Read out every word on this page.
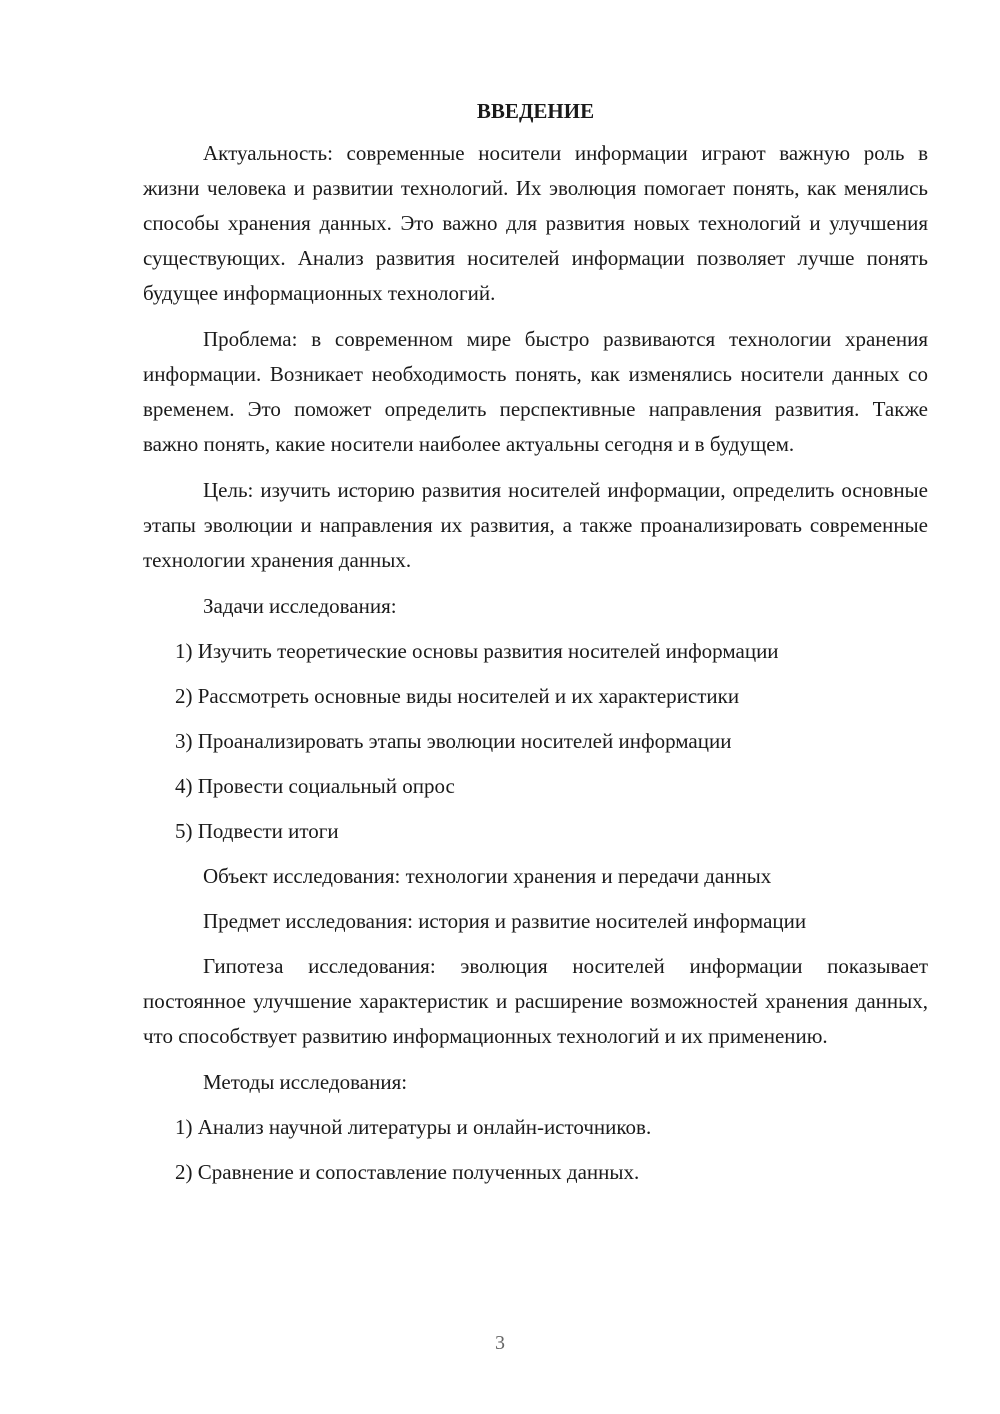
ВВЕДЕНИЕ

Актуальность: современные носители информации играют важную роль в жизни человека и развитии технологий. Их эволюция помогает понять, как менялись способы хранения данных. Это важно для развития новых технологий и улучшения существующих. Анализ развития носителей информации позволяет лучше понять будущее информационных технологий.

Проблема: в современном мире быстро развиваются технологии хранения информации. Возникает необходимость понять, как изменялись носители данных со временем. Это поможет определить перспективные направления развития. Также важно понять, какие носители наиболее актуальны сегодня и в будущем.

Цель: изучить историю развития носителей информации, определить основные этапы эволюции и направления их развития, а также проанализировать современные технологии хранения данных.

Задачи исследования:

1) Изучить теоретические основы развития носителей информации

2) Рассмотреть основные виды носителей и их характеристики

3) Проанализировать этапы эволюции носителей информации

4) Провести социальный опрос

5) Подвести итоги

Объект исследования: технологии хранения и передачи данных

Предмет исследования: история и развитие носителей информации

Гипотеза исследования: эволюция носителей информации показывает постоянное улучшение характеристик и расширение возможностей хранения данных, что способствует развитию информационных технологий и их применению.

Методы исследования:

1) Анализ научной литературы и онлайн-источников.

2) Сравнение и сопоставление полученных данных.

3
